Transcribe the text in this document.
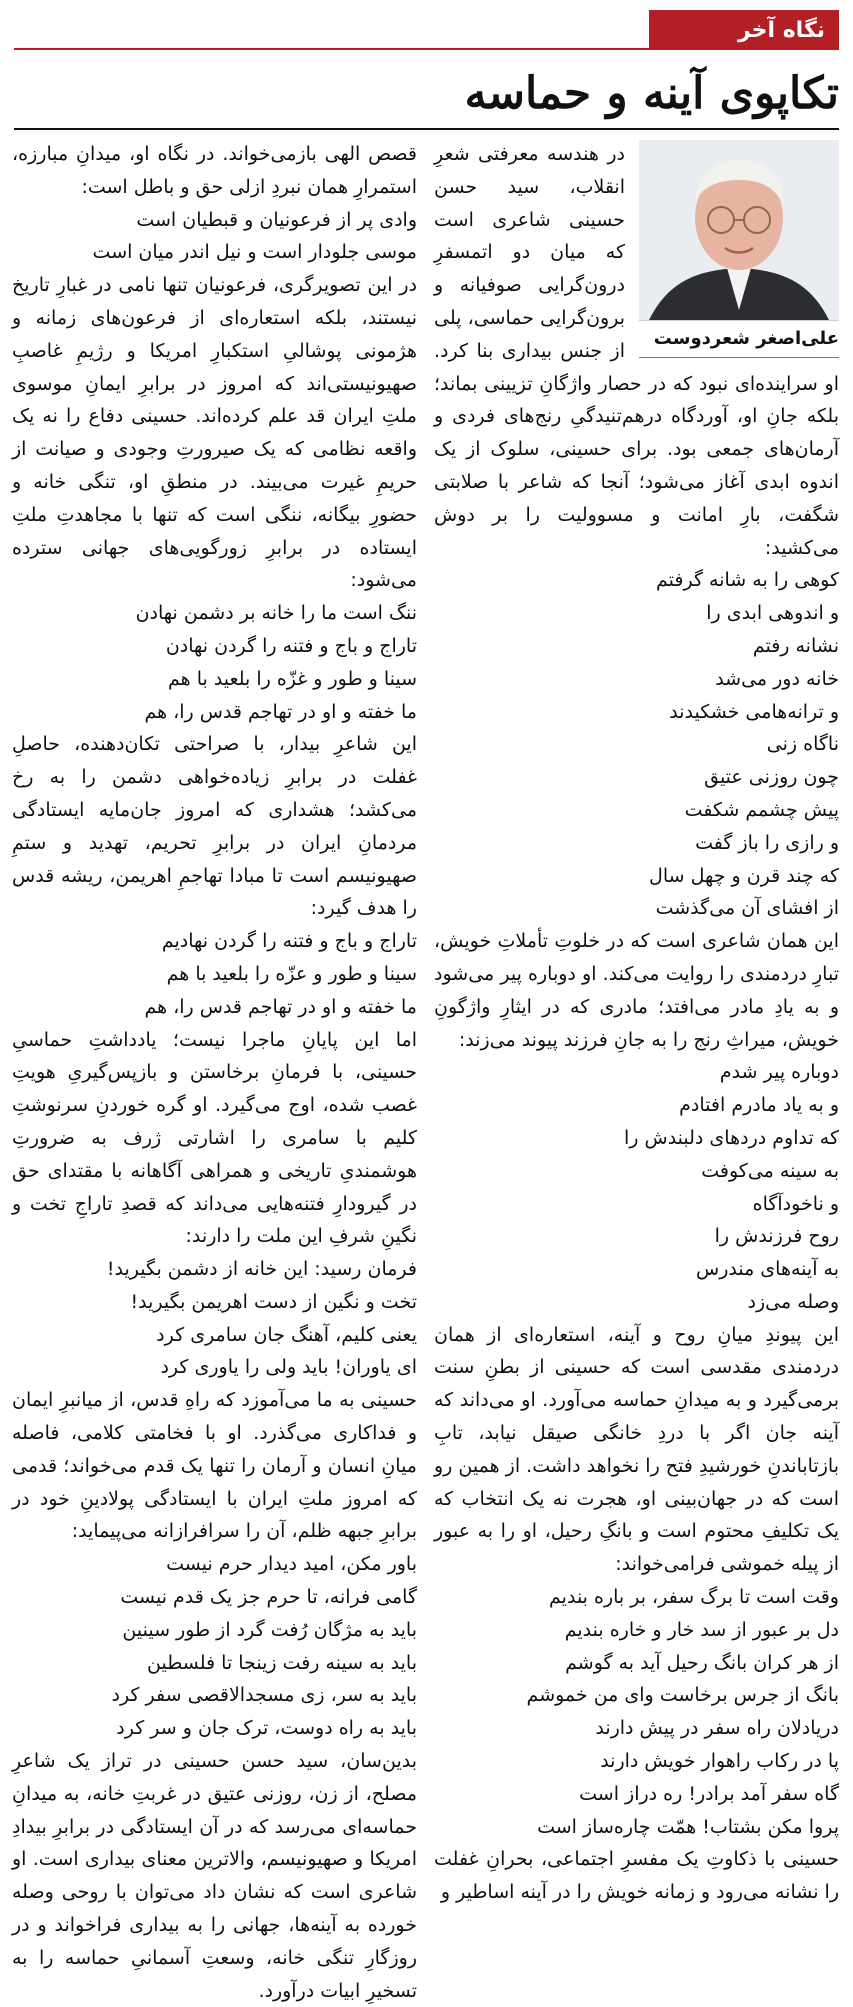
نگاه آخر
تکاپوی آینه و حماسه
علی‌اصغر شعردوست

در هندسه معرفتی شعرِ انقلاب، سید حسن حسینی شاعری است که میان دو اتمسفرِ درون‌گرایی صوفیانه و برون‌گرایی حماسی، پلی از جنس بیداری بنا کرد. او سراینده‌ای نبود که در حصار واژگانِ تزیینی بماند؛ بلکه جانِ او، آوردگاه درهم‌تنیدگیِ رنج‌های فردی و آرمان‌های جمعی بود. برای حسینی، سلوک از یک اندوه ابدی آغاز می‌شود؛ آنجا که شاعر با صلابتی شگفت، بارِ امانت و مسوولیت را بر دوش می‌کشید:

کوهی را به شانه گرفتم

و اندوهی ابدی را

نشانه رفتم

خانه دور می‌شد

و ترانه‌هامی خشکیدند

ناگاه زنی

چون روزنی عتیق

پیش چشمم شکفت

و رازی را باز گفت

که چند قرن و چهل سال

از افشای آن می‌گذشت

این همان شاعری است که در خلوتِ تأملاتِ خویش، تبارِ دردمندی را روایت می‌کند. او دوباره پیر می‌شود و به یادِ مادر می‌افتد؛ مادری که در ایثارِ واژگونِ خویش، میراثِ رنج را به جانِ فرزند پیوند می‌زند:

دوباره پیر شدم

و به یاد مادرم افتادم

که تداوم دردهای دلبندش را

به سینه می‌کوفت

و ناخودآگاه

روح فرزندش را

به آینه‌های مندرس

وصله می‌زد

این پیوندِ میانِ روح و آینه، استعاره‌ای از همان دردمندی مقدسی است که حسینی از بطنِ سنت برمی‌گیرد و به میدانِ حماسه می‌آورد. او می‌داند که آینه جان اگر با دردِ خانگی صیقل نیابد، تابِ بازتاباندنِ خورشیدِ فتح را نخواهد داشت. از همین رو است که در جهان‌بینی او، هجرت نه یک انتخاب که یک تکلیفِ محتوم است و بانگِ رحیل، او را به عبور از پیله خموشی فرامی‌خواند:

وقت است تا برگ سفر، بر باره بندیم

دل بر عبور از سد خار و خاره بندیم

از هر کران بانگ رحیل آید به گوشم

بانگ از جرس برخاست وای من خموشم

دریادلان راه سفر در پیش دارند

پا در رکاب راهوار خویش دارند

گاه سفر آمد برادر! ره دراز است

پروا مکن بشتاب! همّت چاره‌ساز است

حسینی با ذکاوتِ یک مفسرِ اجتماعی، بحرانِ غفلت را نشانه می‌رود و زمانه خویش را در آینه اساطیر و

قصص الهی بازمی‌خواند. در نگاه او، میدانِ مبارزه، استمرارِ همان نبردِ ازلی حق و باطل است:

وادی پر از فرعونیان و قبطیان است

موسی جلودار است و نیل اندر میان است

در این تصویرگری، فرعونیان تنها نامی در غبارِ تاریخ نیستند، بلکه استعاره‌ای از فرعون‌های زمانه و هژمونی پوشالیِ استکبارِ امریکا و رژیمِ غاصبِ صهیونیستی‌اند که امروز در برابرِ ایمانِ موسوی ملتِ ایران قد علم کرده‌اند. حسینی دفاع را نه یک واقعه نظامی که یک صیرورتِ وجودی و صیانت از حریمِ غیرت می‌بیند. در منطقِ او، تنگی خانه و حضورِ بیگانه، ننگی است که تنها با مجاهدتِ ملتِ ایستاده در برابرِ زورگویی‌های جهانی سترده می‌شود:

ننگ است ما را خانه بر دشمن نهادن

تاراج و باج و فتنه را گردن نهادن

سینا و طور و غزّه را بلعید با هم

ما خفته و او در تهاجم قدس را، هم

این شاعرِ بیدار، با صراحتی تکان‌دهنده، حاصلِ غفلت در برابرِ زیاده‌خواهی دشمن را به رخ می‌کشد؛ هشداری که امروز جان‌مایه ایستادگی مردمانِ ایران در برابرِ تحریم، تهدید و ستمِ صهیونیسم است تا مبادا تهاجمِ اهریمن، ریشه قدس را هدف گیرد:

تاراج و باج و فتنه را گردن نهادیم

سینا و طور و عزّه را بلعید با هم

ما خفته و او در تهاجم قدس را، هم

اما این پایانِ ماجرا نیست؛ یادداشتِ حماسیِ حسینی، با فرمانِ برخاستن و بازپس‌گیریِ هویتِ غصب شده، اوج می‌گیرد. او گره خوردنِ سرنوشتِ کلیم با سامری را اشارتی ژرف به ضرورتِ هوشمندیِ تاریخی و همراهی آگاهانه با مقتدای حق در گیرودارِ فتنه‌هایی می‌داند که قصدِ تاراجِ تخت و نگینِ شرفِ این ملت را دارند:

فرمان رسید: این خانه از دشمن بگیرید!

تخت و نگین از دست اهریمن بگیرید!

یعنی کلیم، آهنگ جان سامری کرد

ای یاوران! باید ولی را یاوری کرد

حسینی به ما می‌آموزد که راهِ قدس، از میانبرِ ایمان و فداکاری می‌گذرد. او با فخامتی کلامی، فاصله میانِ انسان و آرمان را تنها یک قدم می‌خواند؛ قدمی که امروز ملتِ ایران با ایستادگی پولادینِ خود در برابرِ جبهه ظلم، آن را سرافرازانه می‌پیماید:

باور مکن، امید دیدار حرم نیست

گامی فرانه، تا حرم جز یک قدم نیست

باید به مژگان رُفت گرد از طور سینین

باید به سینه رفت زینجا تا فلسطین

باید به سر، زی مسجدالاقصی سفر کرد

باید به راه دوست، ترک جان و سر کرد

بدین‌سان، سید حسن حسینی در تراز یک شاعرِ مصلح، از زن، روزنی عتیق در غربتِ خانه، به میدانِ حماسه‌ای می‌رسد که در آن ایستادگی در برابرِ بیدادِ امریکا و صهیونیسم، والاترین معنای بیداری است. او شاعری است که نشان داد می‌توان با روحی وصله خورده به آینه‌ها، جهانی را به بیداری فراخواند و در روزگارِ تنگی خانه، وسعتِ آسمانیِ حماسه را به تسخیرِ ابیات درآورد.
